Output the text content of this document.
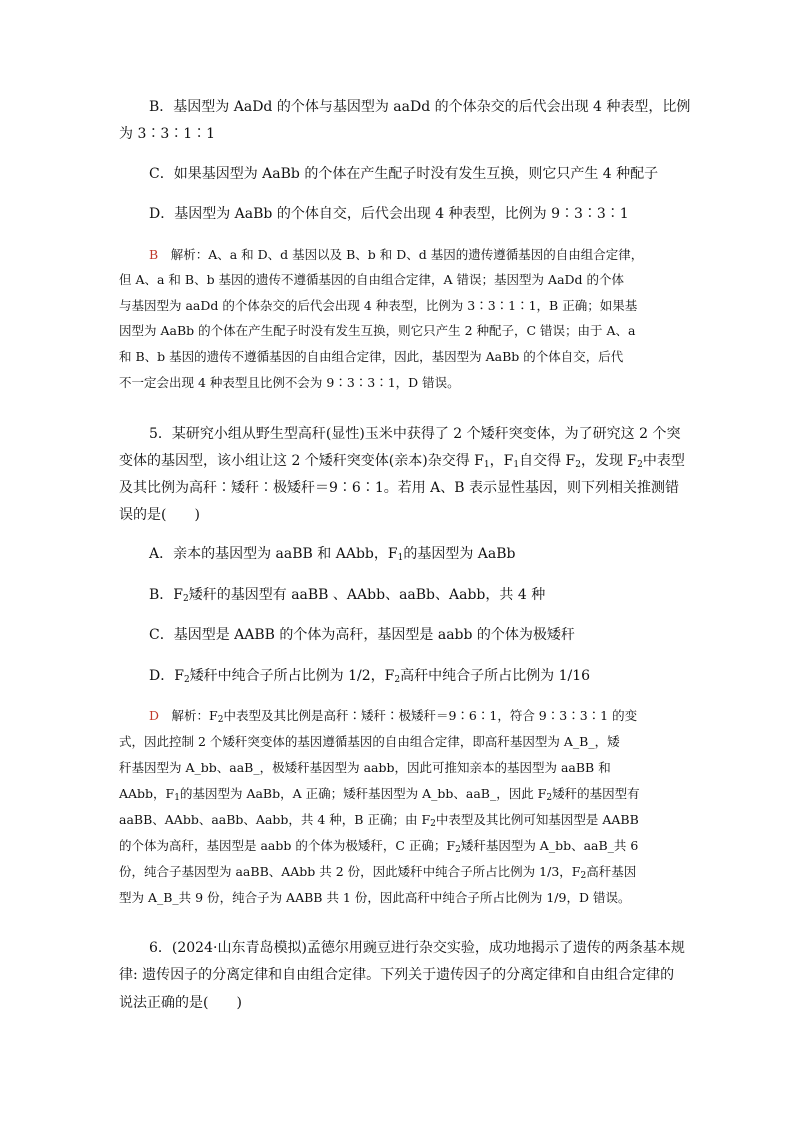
B．基因型为 AaDd 的个体与基因型为 aaDd 的个体杂交的后代会出现 4 种表型，比例
为 3∶3∶1∶1
C．如果基因型为 AaBb 的个体在产生配子时没有发生互换，则它只产生 4 种配子
D．基因型为 AaBb 的个体自交，后代会出现 4 种表型，比例为 9∶3∶3∶1
B　 解析：A、a 和 D、d 基因以及 B、b 和 D、d 基因的遗传遵循基因的自由组合定律，
但 A、a 和 B、b 基因的遗传不遵循基因的自由组合定律，A 错误；基因型为 AaDd 的个体
与基因型为 aaDd 的个体杂交的后代会出现 4 种表型，比例为 3∶3∶1∶1，B 正确；如果基
因型为 AaBb 的个体在产生配子时没有发生互换，则它只产生 2 种配子，C 错误；由于 A、a
和 B、b 基因的遗传不遵循基因的自由组合定律，因此，基因型为 AaBb 的个体自交，后代
不一定会出现 4 种表型且比例不会为 9∶3∶3∶1，D 错误。
5．某研究小组从野生型高秆(显性)玉米中获得了 2 个矮秆突变体，为了研究这 2 个突
变体的基因型，该小组让这 2 个矮秆突变体(亲本)杂交得 $F_1$，$F_1$自交得 $F_2$，发现 $F_2$中表型
及其比例为高秆∶矮秆∶极矮秆＝9∶6∶1。若用 A、B 表示显性基因，则下列相关推测错
误的是(　　)
A．亲本的基因型为 aaBB 和 AAbb，$F_1$的基因型为 AaBb
B．$F_2$矮秆的基因型有 aaBB 、AAbb、aaBb、Aabb，共 4 种
C．基因型是 AABB 的个体为高秆，基因型是 aabb 的个体为极矮秆
D．$F_2$矮秆中纯合子所占比例为 1/2，$F_2$高秆中纯合子所占比例为 1/16
D　 解析：$F_2$中表型及其比例是高秆∶矮秆∶极矮秆＝9∶6∶1，符合 9∶3∶3∶1 的变
式，因此控制 2 个矮秆突变体的基因遵循基因的自由组合定律，即高秆基因型为 A_B_，矮
秆基因型为 A_bb、aaB_，极矮秆基因型为 aabb，因此可推知亲本的基因型为 aaBB 和
AAbb，$F_1$的基因型为 AaBb，A 正确；矮秆基因型为 A_bb、aaB_，因此 $F_2$矮秆的基因型有
aaBB、AAbb、aaBb、Aabb，共 4 种，B 正确；由 $F_2$中表型及其比例可知基因型是 AABB
的个体为高秆，基因型是 aabb 的个体为极矮秆，C 正确；$F_2$矮秆基因型为 A_bb、aaB_共 6
份，纯合子基因型为 aaBB、AAbb 共 2 份，因此矮秆中纯合子所占比例为 1/3，$F_2$高秆基因
型为 A_B_共 9 份，纯合子为 AABB 共 1 份，因此高秆中纯合子所占比例为 1/9，D 错误。
6．(2024·山东青岛模拟)孟德尔用豌豆进行杂交实验，成功地揭示了遗传的两条基本规
律: 遗传因子的分离定律和自由组合定律。下列关于遗传因子的分离定律和自由组合定律的
说法正确的是(　　)
